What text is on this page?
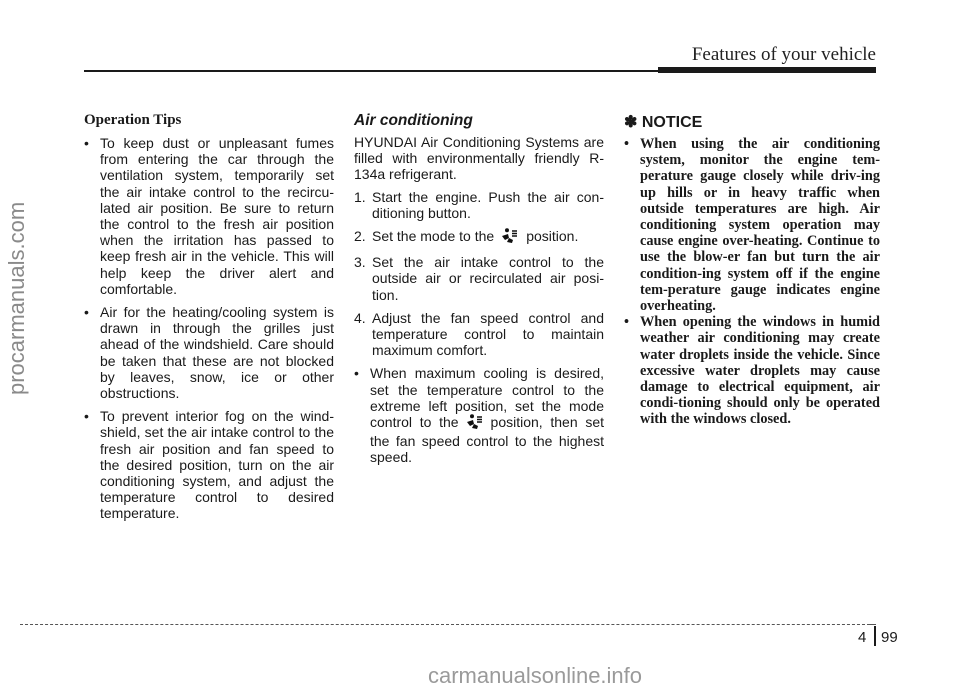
Features of your vehicle
procarmanuals.com
Operation Tips
• To keep dust or unpleasant fumes from entering the car through the ventilation system, temporarily set the air intake control to the recircu-lated air position. Be sure to return the control to the fresh air position when the irritation has passed to keep fresh air in the vehicle. This will help keep the driver alert and comfortable.
• Air for the heating/cooling system is drawn in through the grilles just ahead of the windshield. Care should be taken that these are not blocked by leaves, snow, ice or other obstructions.
• To prevent interior fog on the wind-shield, set the air intake control to the fresh air position and fan speed to the desired position, turn on the air conditioning system, and adjust the temperature control to desired temperature.
Air conditioning
HYUNDAI Air Conditioning Systems are filled with environmentally friendly R-134a refrigerant.
1. Start the engine. Push the air con-ditioning button.
2. Set the mode to the position.
3. Set the air intake control to the outside air or recirculated air posi-tion.
4. Adjust the fan speed control and temperature control to maintain maximum comfort.
• When maximum cooling is desired, set the temperature control to the extreme left position, set the mode control to the position, then set the fan speed control to the highest speed.
✽ NOTICE
• When using the air conditioning system, monitor the engine tem-perature gauge closely while driv-ing up hills or in heavy traffic when outside temperatures are high. Air conditioning system operation may cause engine over-heating. Continue to use the blow-er fan but turn the air condition-ing system off if the engine tem-perature gauge indicates engine overheating.
• When opening the windows in humid weather air conditioning may create water droplets inside the vehicle. Since excessive water droplets may cause damage to electrical equipment, air condi-tioning should only be operated with the windows closed.
4 99
carmanualsonline.info
